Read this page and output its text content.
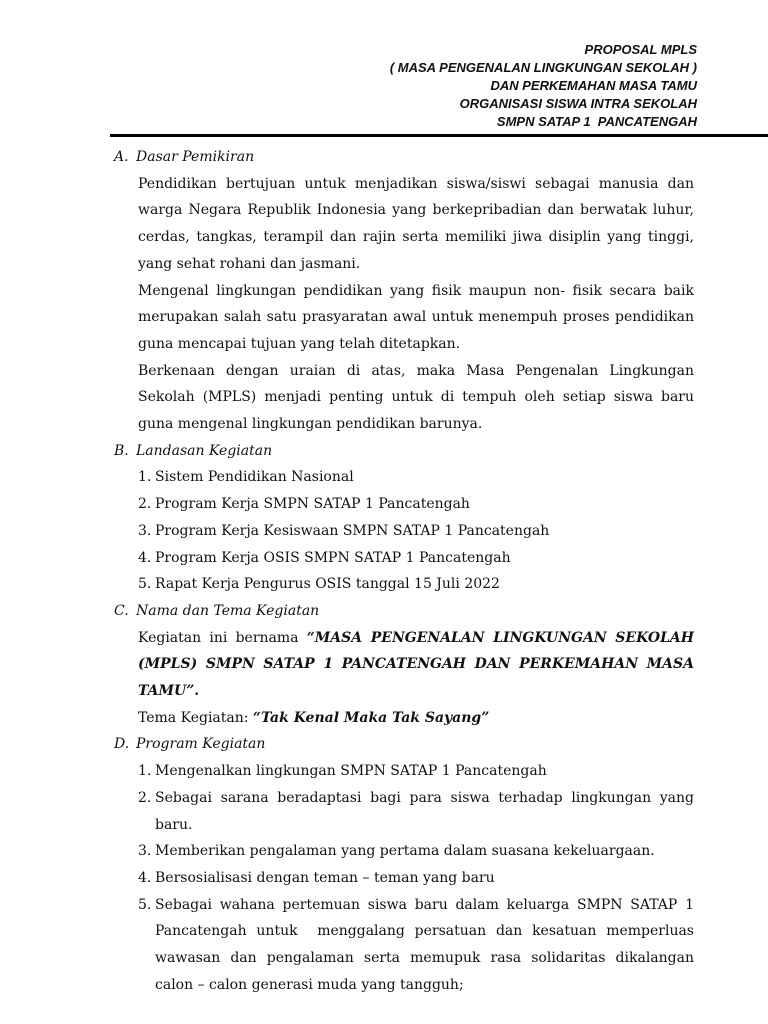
PROPOSAL MPLS
( MASA PENGENALAN LINGKUNGAN SEKOLAH )
DAN PERKEMAHAN MASA TAMU
ORGANISASI SISWA INTRA SEKOLAH
SMPN SATAP 1  PANCATENGAH
A. Dasar Pemikiran
Pendidikan bertujuan untuk menjadikan siswa/siswi sebagai manusia dan warga Negara Republik Indonesia yang berkepribadian dan berwatak luhur, cerdas, tangkas, terampil dan rajin serta memiliki jiwa disiplin yang tinggi, yang sehat rohani dan jasmani.
Mengenal lingkungan pendidikan yang fisik maupun non- fisik secara baik merupakan salah satu prasyaratan awal untuk menempuh proses pendidikan guna mencapai tujuan yang telah ditetapkan.
Berkenaan dengan uraian di atas, maka Masa Pengenalan Lingkungan Sekolah (MPLS) menjadi penting untuk di tempuh oleh setiap siswa baru guna mengenal lingkungan pendidikan barunya.
B. Landasan Kegiatan
1. Sistem Pendidikan Nasional
2. Program Kerja SMPN SATAP 1 Pancatengah
3. Program Kerja Kesiswaan SMPN SATAP 1 Pancatengah
4. Program Kerja OSIS SMPN SATAP 1 Pancatengah
5. Rapat Kerja Pengurus OSIS tanggal 15 Juli 2022
C. Nama dan Tema Kegiatan
Kegiatan ini bernama “MASA PENGENALAN LINGKUNGAN SEKOLAH (MPLS) SMPN SATAP 1 PANCATENGAH DAN PERKEMAHAN MASA TAMU”.
Tema Kegiatan: “Tak Kenal Maka Tak Sayang”
D. Program Kegiatan
1. Mengenalkan lingkungan SMPN SATAP 1 Pancatengah
2. Sebagai sarana beradaptasi bagi para siswa terhadap lingkungan yang baru.
3. Memberikan pengalaman yang pertama dalam suasana kekeluargaan.
4. Bersosialisasi dengan teman – teman yang baru
5. Sebagai wahana pertemuan siswa baru dalam keluarga SMPN SATAP 1 Pancatengah untuk  menggalang persatuan dan kesatuan memperluas wawasan dan pengalaman serta memupuk rasa solidaritas dikalangan calon – calon generasi muda yang tangguh;
